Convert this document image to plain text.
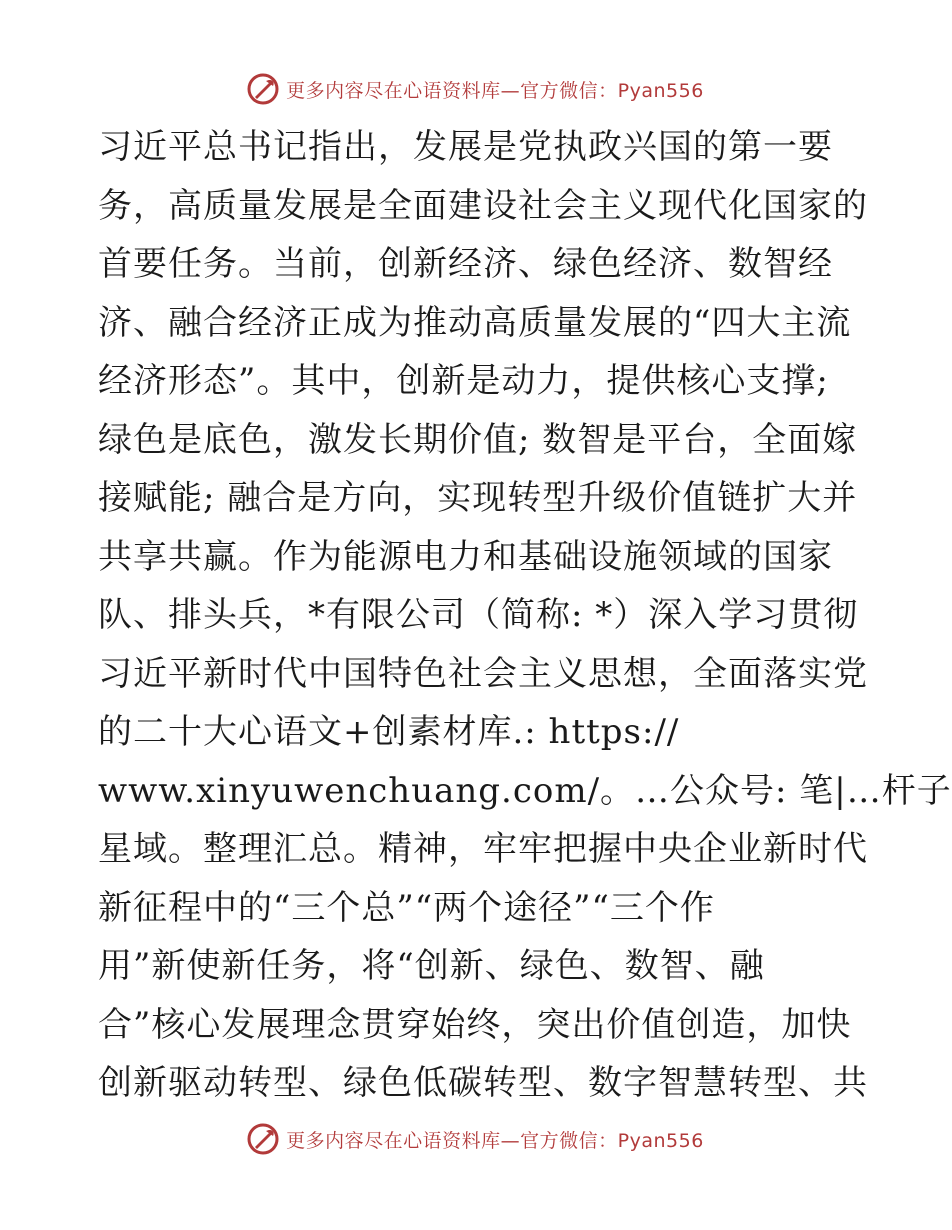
更多内容尽在心语资料库—官方微信：Pyan556
习近平总书记指出，发展是党执政兴国的第一要
务，高质量发展是全面建设社会主义现代化国家的
首要任务。当前，创新经济、绿色经济、数智经
济、融合经济正成为推动高质量发展的“四大主流
经济形态”。其中，创新是动力，提供核心支撑;
绿色是底色，激发长期价值; 数智是平台，全面嫁
接赋能; 融合是方向，实现转型升级价值链扩大并
共享共赢。作为能源电力和基础设施领域的国家
队、排头兵，*有限公司（简称: *）深入学习贯彻
习近平新时代中国特色社会主义思想，全面落实党
的二十大心语文+创素材库.: https://
www.xinyuwenchuang.com/。…公众号: 笔|…杆子
星域。整理汇总。精神，牢牢把握中央企业新时代
新征程中的“三个总”“两个途径”“三个作
用”新使新任务，将“创新、绿色、数智、融
合”核心发展理念贯穿始终，突出价值创造，加快
创新驱动转型、绿色低碳转型、数字智慧转型、共
更多内容尽在心语资料库—官方微信：Pyan556
